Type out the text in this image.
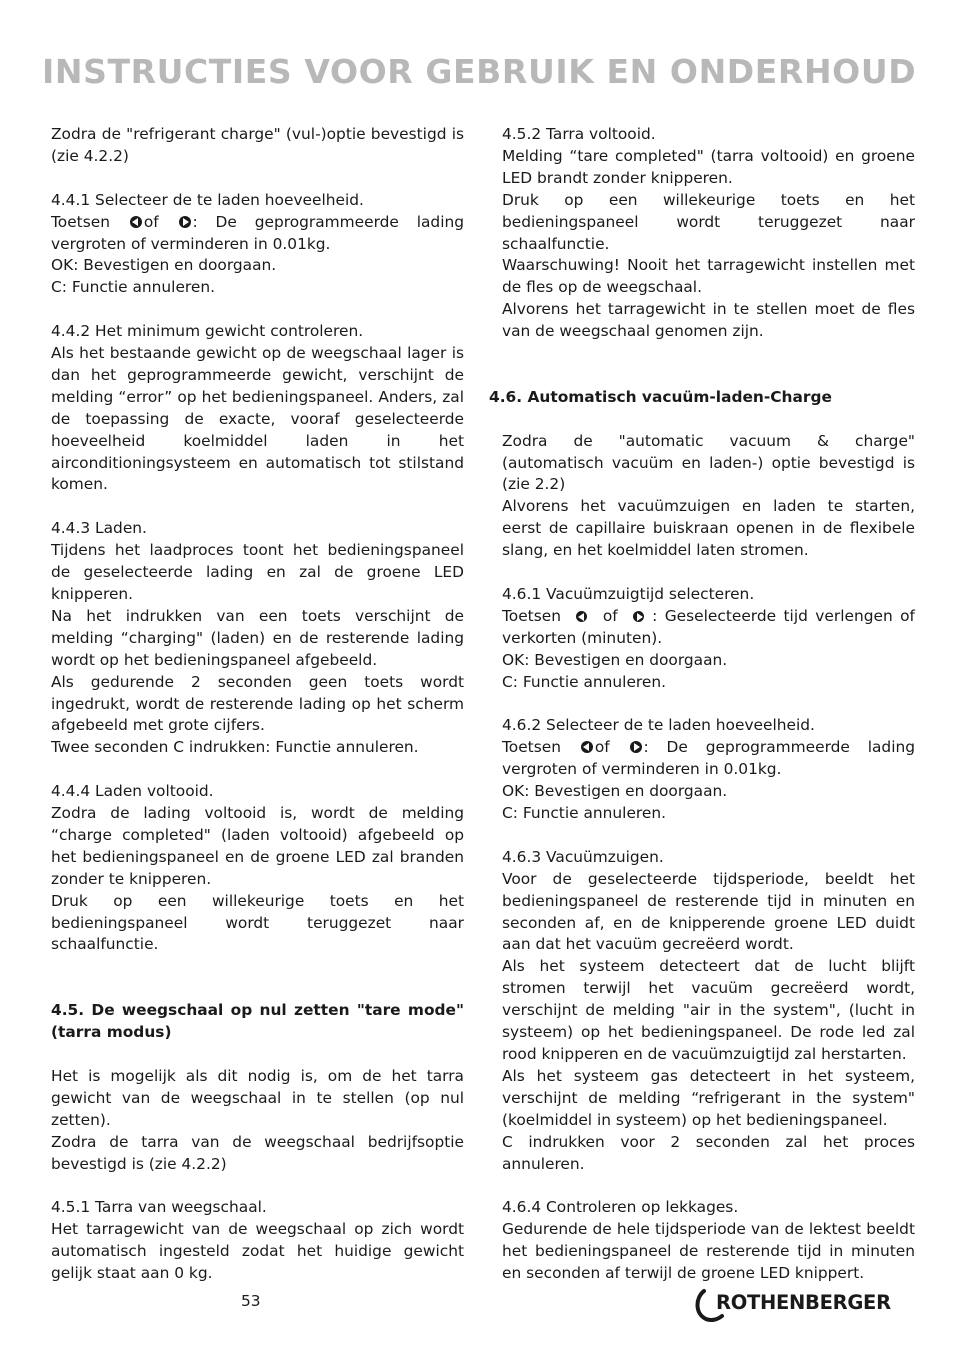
INSTRUCTIES VOOR GEBRUIK EN ONDERHOUD

Zodra de "refrigerant charge" (vul-)optie bevestigd is (zie 4.2.2)

4.4.1 Selecteer de te laden hoeveelheid.

Toetsen of : De geprogrammeerde lading vergroten of verminderen in 0.01kg.

OK: Bevestigen en doorgaan.

C: Functie annuleren.

4.4.2 Het minimum gewicht controleren.

Als het bestaande gewicht op de weegschaal lager is dan het geprogrammeerde gewicht, verschijnt de melding “error” op het bedieningspaneel. Anders, zal de toepassing de exacte, vooraf geselecteerde hoeveelheid koelmiddel laden in het airconditioningsysteem en automatisch tot stilstand komen.

4.4.3 Laden.

Tijdens het laadproces toont het bedieningspaneel de geselecteerde lading en zal de groene LED knipperen.

Na het indrukken van een toets verschijnt de melding “charging" (laden) en de resterende lading wordt op het bedieningspaneel afgebeeld.

Als gedurende 2 seconden geen toets wordt ingedrukt, wordt de resterende lading op het scherm afgebeeld met grote cijfers.

Twee seconden C indrukken: Functie annuleren.

4.4.4 Laden voltooid.

Zodra de lading voltooid is, wordt de melding “charge completed" (laden voltooid) afgebeeld op het bedieningspaneel en de groene LED zal branden zonder te knipperen.

Druk op een willekeurige toets en het bedieningspaneel wordt teruggezet naar schaalfunctie.

4.5. De weegschaal op nul zetten "tare mode" (tarra modus)

Het is mogelijk als dit nodig is, om de het tarra gewicht van de weegschaal in te stellen (op nul zetten).

Zodra de tarra van de weegschaal bedrijfsoptie bevestigd is (zie 4.2.2)

4.5.1 Tarra van weegschaal.

Het tarragewicht van de weegschaal op zich wordt automatisch ingesteld zodat het huidige gewicht gelijk staat aan 0 kg.

4.5.2 Tarra voltooid.

Melding “tare completed" (tarra voltooid) en groene LED brandt zonder knipperen.

Druk op een willekeurige toets en het bedieningspaneel wordt teruggezet naar schaalfunctie.

Waarschuwing! Nooit het tarragewicht instellen met de fles op de weegschaal.

Alvorens het tarragewicht in te stellen moet de fles van de weegschaal genomen zijn.

4.6. Automatisch vacuüm-laden-Charge

Zodra de "automatic vacuum & charge" (automatisch vacuüm en laden-) optie bevestigd is (zie 2.2)

Alvorens het vacuümzuigen en laden te starten, eerst de capillaire buiskraan openen in de flexibele slang, en het koelmiddel laten stromen.

4.6.1 Vacuümzuigtijd selecteren.

Toetsen	of : Geselecteerde tijd verlengen of verkorten (minuten).

OK: Bevestigen en doorgaan.

C: Functie annuleren.

4.6.2 Selecteer de te laden hoeveelheid.

Toetsen of : De geprogrammeerde lading vergroten of verminderen in 0.01kg.

OK: Bevestigen en doorgaan.

C: Functie annuleren.

4.6.3 Vacuümzuigen.

Voor de geselecteerde tijdsperiode, beeldt het bedieningspaneel de resterende tijd in minuten en seconden af, en de knipperende groene LED duidt aan dat het vacuüm gecreëerd wordt.

Als het systeem detecteert dat de lucht blijft stromen terwijl het vacuüm gecreëerd wordt, verschijnt de melding "air in the system", (lucht in systeem) op het bedieningspaneel. De rode led zal rood knipperen en de vacuümzuigtijd zal herstarten.

Als het systeem gas detecteert in het systeem, verschijnt de melding “refrigerant in the system" (koelmiddel in systeem) op het bedieningspaneel.

C indrukken voor 2 seconden zal het proces annuleren.

4.6.4 Controleren op lekkages.

Gedurende de hele tijdsperiode van de lektest beeldt het bedieningspaneel de resterende tijd in minuten en seconden af terwijl de groene LED knippert.

53	ROTHENBERGER
